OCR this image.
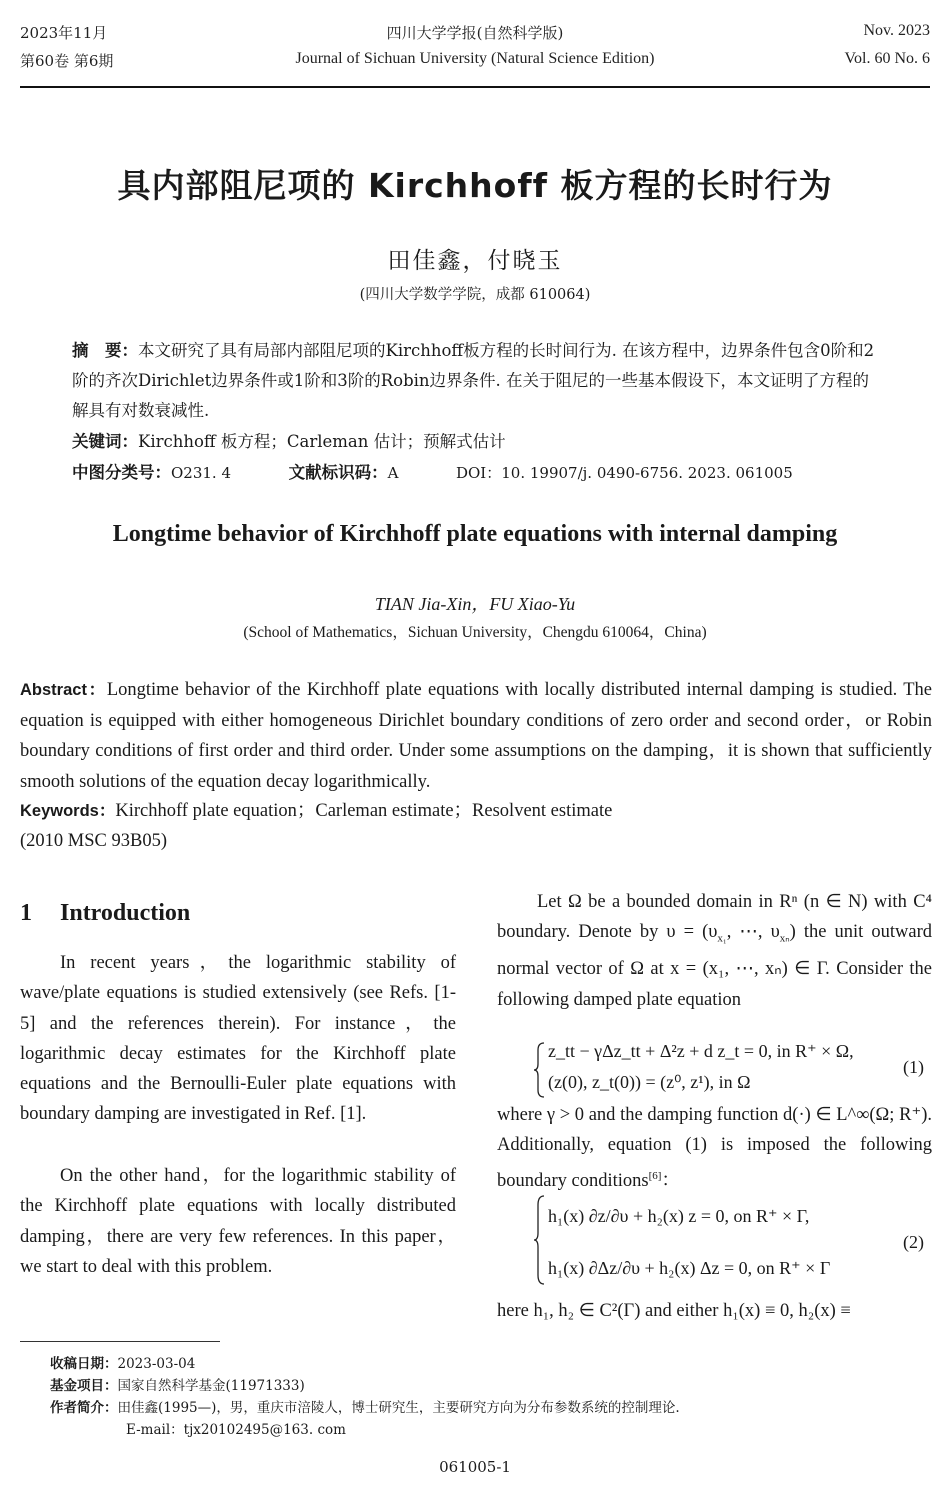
2023年11月
第60卷 第6期
四川大学学报(自然科学版)
Journal of Sichuan University (Natural Science Edition)
Nov. 2023
Vol. 60 No. 6
具内部阻尼项的 Kirchhoff 板方程的长时行为
田佳鑫，付晓玉
(四川大学数学学院，成都 610064)
摘　要：本文研究了具有局部内部阻尼项的Kirchhoff板方程的长时间行为. 在该方程中，边界条件包含0阶和2阶的齐次Dirichlet边界条件或1阶和3阶的Robin边界条件. 在关于阻尼的一些基本假设下，本文证明了方程的解具有对数衰减性.
关键词：Kirchhoff 板方程；Carleman 估计；预解式估计
中图分类号：O231. 4	文献标识码：A	DOI：10. 19907/j. 0490-6756. 2023. 061005
Longtime behavior of Kirchhoff plate equations with internal damping
TIAN Jia-Xin，FU Xiao-Yu
(School of Mathematics，Sichuan University，Chengdu 610064，China)
Abstract：Longtime behavior of the Kirchhoff plate equations with locally distributed internal damping is studied. The equation is equipped with either homogeneous Dirichlet boundary conditions of zero order and second order，or Robin boundary conditions of first order and third order. Under some assumptions on the damping，it is shown that sufficiently smooth solutions of the equation decay logarithmically.
Keywords：Kirchhoff plate equation；Carleman estimate；Resolvent estimate
(2010 MSC 93B05)
1 Introduction
In recent years，the logarithmic stability of wave/plate equations is studied extensively (see Refs. [1-5] and the references therein). For instance，the logarithmic decay estimates for the Kirchhoff plate equations and the Bernoulli-Euler plate equations with boundary damping are investigated in Ref. [1].
On the other hand，for the logarithmic stability of the Kirchhoff plate equations with locally distributed damping，there are very few references. In this paper，we start to deal with this problem.
Let Ω be a bounded domain in Rⁿ (n ∈ N) with C⁴ boundary. Denote by $\upsilon = (\upsilon_{x_1}$, ⋯, $\upsilon_{x_n}$) the unit outward normal vector of Ω at x = (x₁, ⋯, xₙ) ∈ Γ. Consider the following damped plate equation
z_tt − γΔz_tt + Δ²z + d z_t = 0, in R⁺ × Ω,
(z(0), z_t(0)) = (z⁰, z¹), in Ω
(1)
where γ > 0 and the damping function d(·) ∈ L^∞(Ω; R⁺). Additionally, equation (1) is imposed the following boundary conditions[6]：
h₁(x) ∂z/∂υ + h₂(x) z = 0, on R⁺ × Γ,
h₁(x) ∂Δz/∂υ + h₂(x) Δz = 0, on R⁺ × Γ
(2)
here h₁, h₂ ∈ C²(Γ) and either h₁(x) ≡ 0, h₂(x) ≡
收稿日期：2023-03-04
基金项目：国家自然科学基金(11971333)
作者简介：田佳鑫(1995—)，男，重庆市涪陵人，博士研究生，主要研究方向为分布参数系统的控制理论.
E-mail：tjx20102495@163. com
061005-1
